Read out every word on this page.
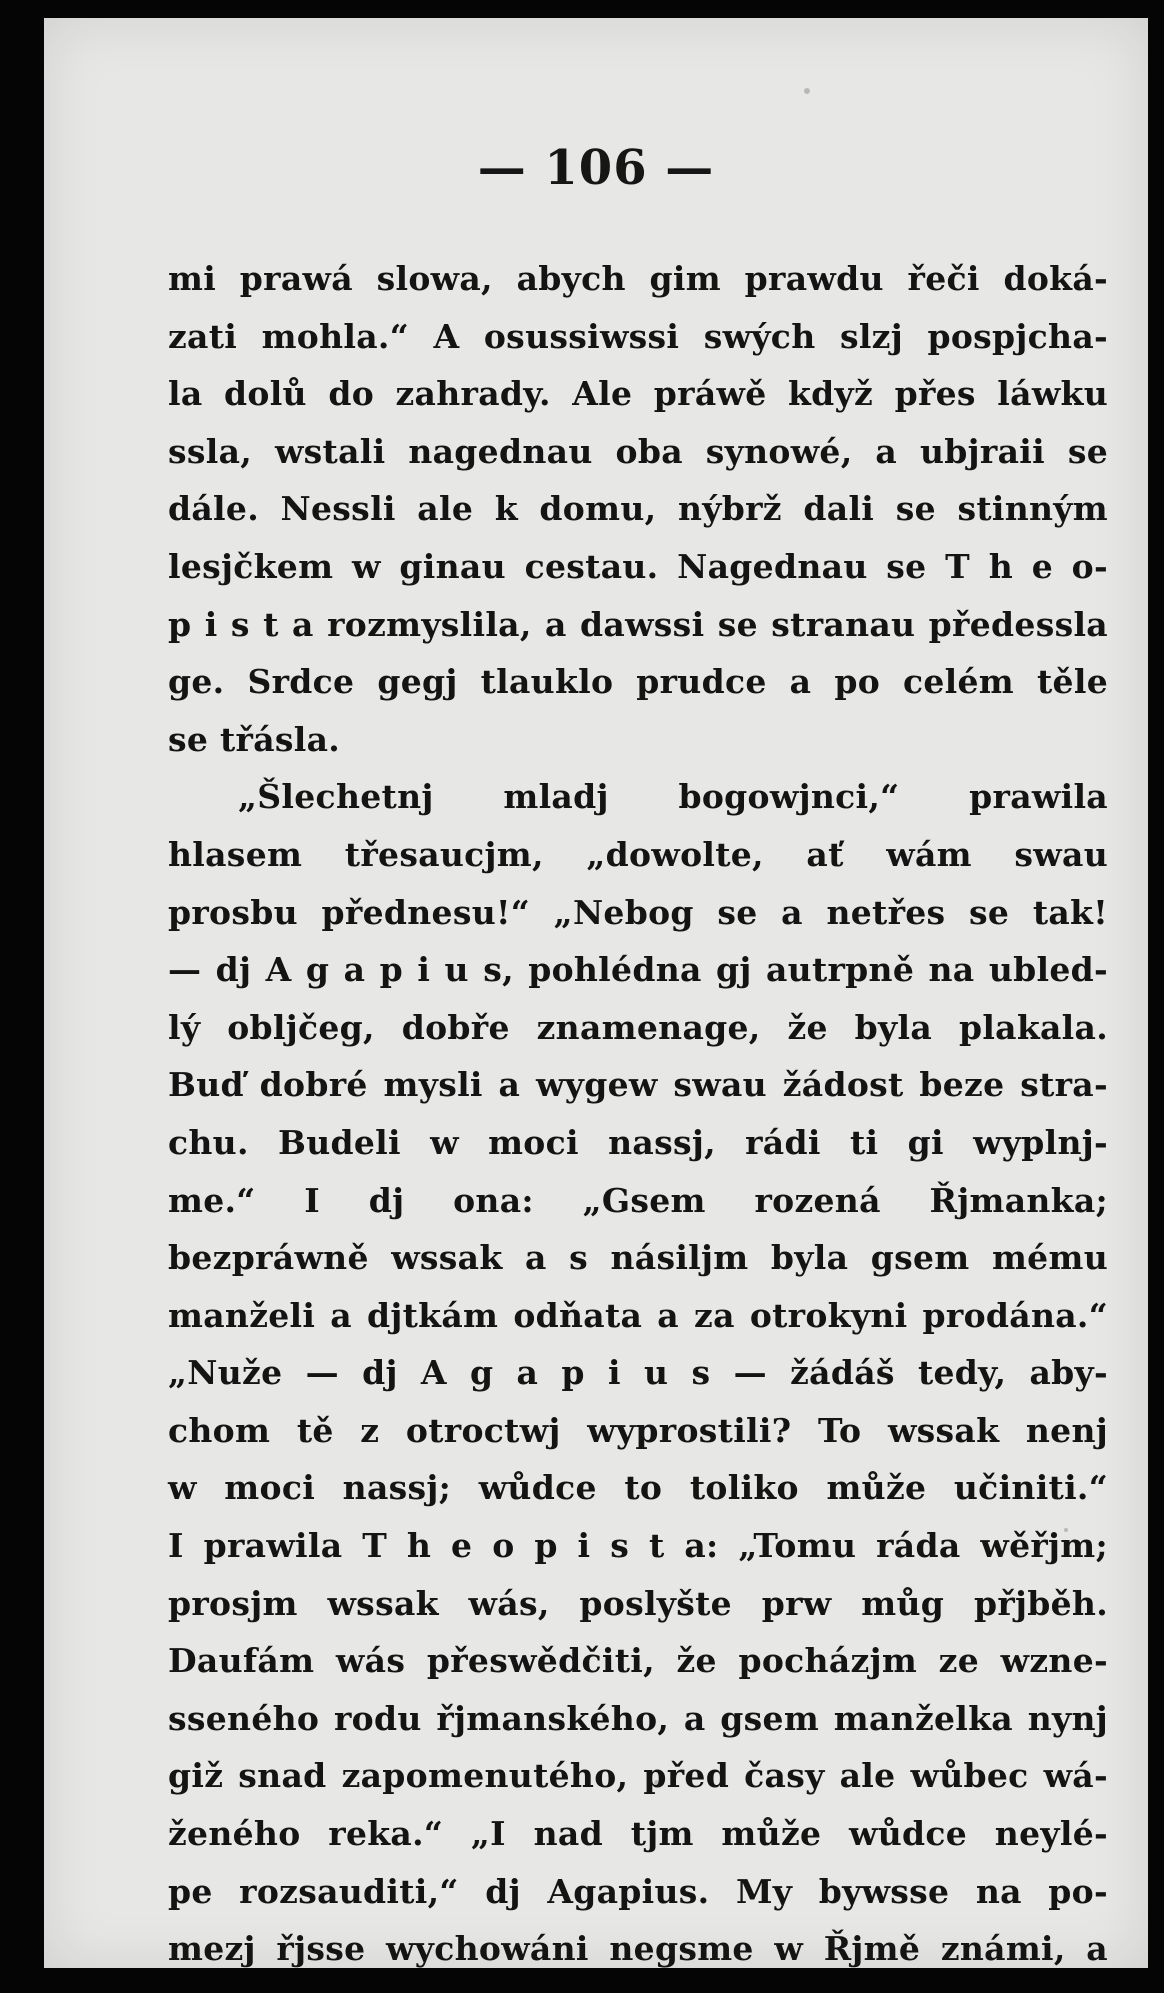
— 106 —
mi prawá slowa, abych gim prawdu řeči doká-
zati mohla.“ A osussiwssi swých slzj pospjcha-
la dolů do zahrady. Ale práwě když přes láwku
ssla, wstali nagednau oba synowé, a ubjraii se
dále. Nessli ale k domu, nýbrž dali se stinným
lesjčkem w ginau cestau. Nagednau se T h e o-
p i s t a rozmyslila, a dawssi se stranau předessla
ge. Srdce gegj tlauklo prudce a po celém těle
se třásla.
„Šlechetnj mladj bogowjnci,“ prawila
hlasem třesaucjm, „dowolte, ať wám swau
prosbu přednesu!“ „Nebog se a netřes se tak!
— dj A g a p i u s, pohlédna gj autrpně na ubled-
lý obljčeg, dobře znamenage, že byla plakala.
Buď dobré mysli a wygew swau žádost beze stra-
chu. Budeli w moci nassj, rádi ti gi wyplnj-
me.“ I dj ona: „Gsem rozená Řjmanka;
bezpráwně wssak a s násiljm byla gsem mému
manželi a djtkám odňata a za otrokyni prodána.“
„Nuže — dj A g a p i u s — žádáš tedy, aby-
chom tě z otroctwj wyprostili? To wssak nenj
w moci nassj; wůdce to toliko může učiniti.“
I prawila T h e o p i s t a: „Tomu ráda wěřjm;
prosjm wssak wás, poslyšte prw můg přjběh.
Daufám wás přeswědčiti, že pocházjm ze wzne-
sseného rodu řjmanského, a gsem manželka nynj
giž snad zapomenutého, před časy ale wůbec wá-
ženého reka.“ „I nad tjm může wůdce neylé-
pe rozsauditi,“ dj Agapius. My bywsse na po-
mezj řjsse wychowáni negsme w Řjmě známi, a
